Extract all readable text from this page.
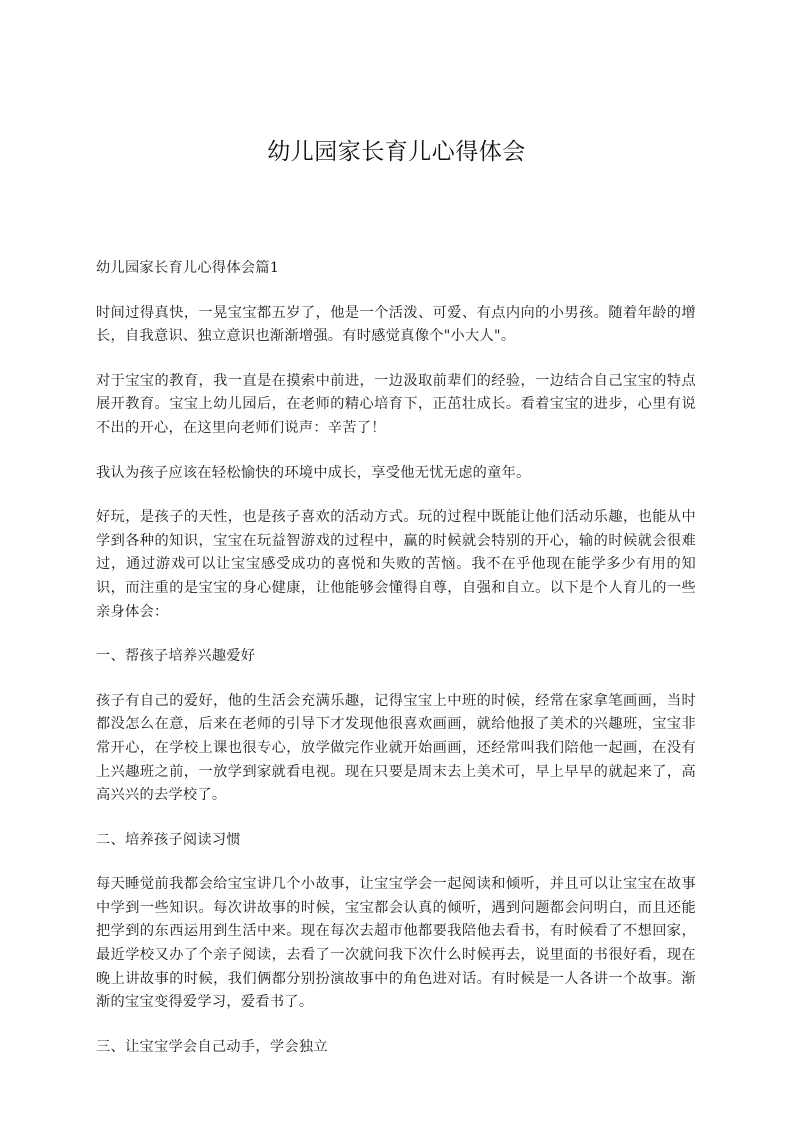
幼儿园家长育儿心得体会

幼儿园家长育儿心得体会篇1

时间过得真快，一晃宝宝都五岁了，他是一个活泼、可爱、有点内向的小男孩。随着年龄的增长，自我意识、独立意识也渐渐增强。有时感觉真像个"小大人"。

对于宝宝的教育，我一直是在摸索中前进，一边汲取前辈们的经验，一边结合自己宝宝的特点展开教育。宝宝上幼儿园后，在老师的精心培育下，正茁壮成长。看着宝宝的进步，心里有说不出的开心，在这里向老师们说声：辛苦了！

我认为孩子应该在轻松愉快的环境中成长，享受他无忧无虑的童年。

好玩，是孩子的天性，也是孩子喜欢的活动方式。玩的过程中既能让他们活动乐趣，也能从中学到各种的知识，宝宝在玩益智游戏的过程中，赢的时候就会特别的开心，输的时候就会很难过，通过游戏可以让宝宝感受成功的喜悦和失败的苦恼。我不在乎他现在能学多少有用的知识，而注重的是宝宝的身心健康，让他能够会懂得自尊，自强和自立。以下是个人育儿的一些亲身体会：

一、帮孩子培养兴趣爱好

孩子有自己的爱好，他的生活会充满乐趣，记得宝宝上中班的时候，经常在家拿笔画画，当时都没怎么在意，后来在老师的引导下才发现他很喜欢画画，就给他报了美术的兴趣班，宝宝非常开心，在学校上课也很专心，放学做完作业就开始画画，还经常叫我们陪他一起画，在没有上兴趣班之前，一放学到家就看电视。现在只要是周末去上美术可，早上早早的就起来了，高高兴兴的去学校了。

二、培养孩子阅读习惯

每天睡觉前我都会给宝宝讲几个小故事，让宝宝学会一起阅读和倾听，并且可以让宝宝在故事中学到一些知识。每次讲故事的时候，宝宝都会认真的倾听，遇到问题都会问明白，而且还能把学到的东西运用到生活中来。现在每次去超市他都要我陪他去看书，有时候看了不想回家，最近学校又办了个亲子阅读，去看了一次就问我下次什么时候再去，说里面的书很好看，现在晚上讲故事的时候，我们俩都分别扮演故事中的角色进对话。有时候是一人各讲一个故事。渐渐的宝宝变得爱学习，爱看书了。

三、让宝宝学会自己动手，学会独立
